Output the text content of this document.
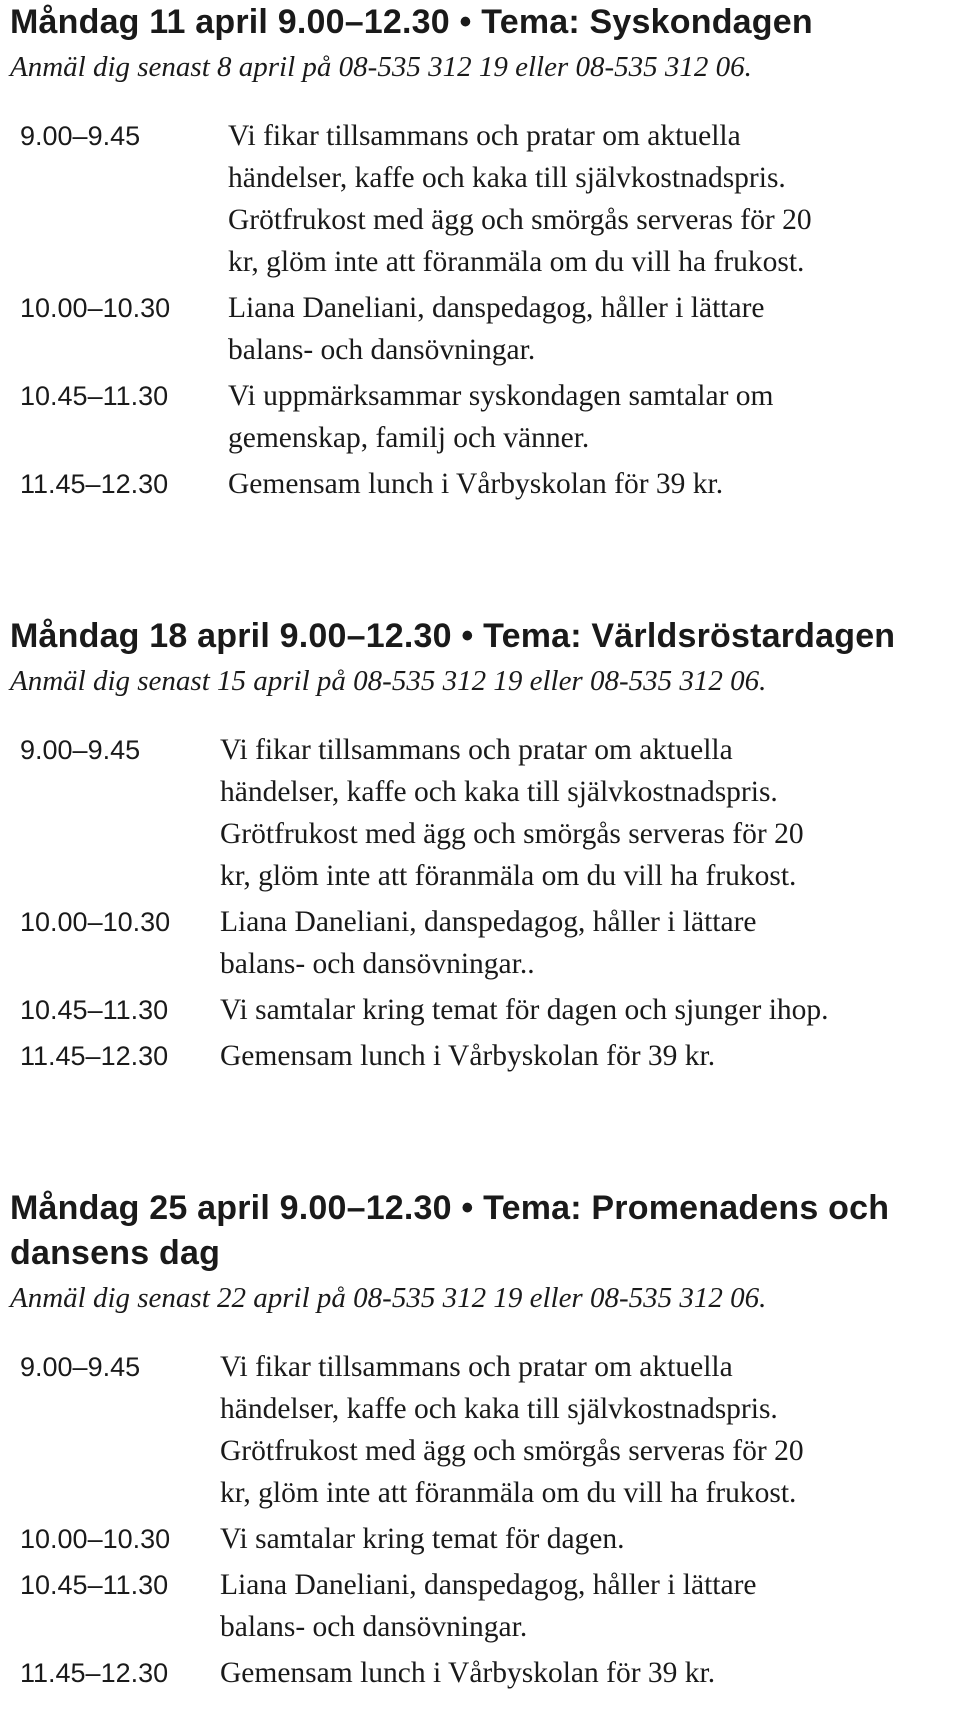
Måndag 11 april 9.00–12.30 • Tema: Syskondagen

Anmäl dig senast 8 april på 08-535 312 19 eller 08-535 312 06.

9.00–9.45	Vi fikar tillsammans och pratar om aktuella
händelser, kaffe och kaka till självkostnadspris.
Grötfrukost med ägg och smörgås serveras för 20
kr, glöm inte att föranmäla om du vill ha frukost.
10.00–10.30	Liana Daneliani, danspedagog, håller i lättare
balans- och dansövningar.
10.45–11.30	Vi uppmärksammar syskondagen samtalar om
gemenskap, familj och vänner.
11.45–12.30	Gemensam lunch i Vårbyskolan för 39 kr.
Måndag 18 april 9.00–12.30 • Tema: Världsröstardagen

Anmäl dig senast 15 april på 08-535 312 19 eller 08-535 312 06.

9.00–9.45	Vi fikar tillsammans och pratar om aktuella
händelser, kaffe och kaka till självkostnadspris.
Grötfrukost med ägg och smörgås serveras för 20
kr, glöm inte att föranmäla om du vill ha frukost.
10.00–10.30	Liana Daneliani, danspedagog, håller i lättare
balans- och dansövningar..
10.45–11.30	Vi samtalar kring temat för dagen och sjunger ihop.
11.45–12.30	Gemensam lunch i Vårbyskolan för 39 kr.
Måndag 25 april 9.00–12.30 • Tema: Promenadens och
dansens dag

Anmäl dig senast 22 april på 08-535 312 19 eller 08-535 312 06.

9.00–9.45	Vi fikar tillsammans och pratar om aktuella
händelser, kaffe och kaka till självkostnadspris.
Grötfrukost med ägg och smörgås serveras för 20
kr, glöm inte att föranmäla om du vill ha frukost.
10.00–10.30	Vi samtalar kring temat för dagen.
10.45–11.30	Liana Daneliani, danspedagog, håller i lättare
balans- och dansövningar.
11.45–12.30	Gemensam lunch i Vårbyskolan för 39 kr.
